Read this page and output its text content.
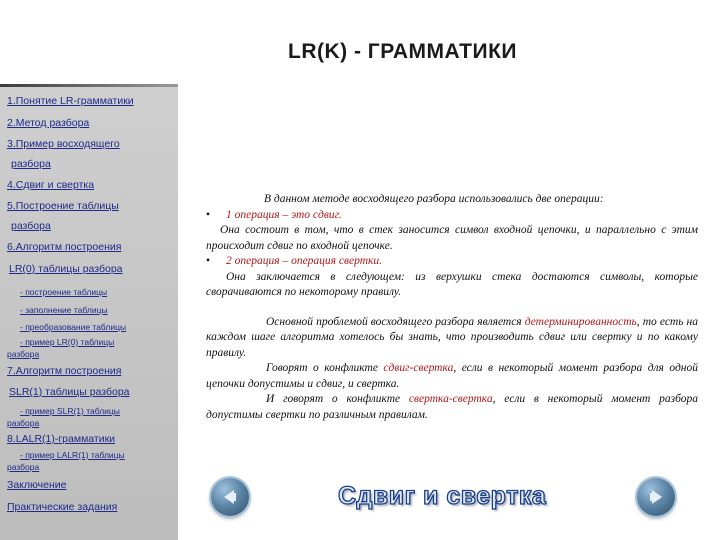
LR(K) - ГРАММАТИКИ
1.Понятие LR-грамматики
2.Метод разбора
3.Пример восходящего
разбора
4.Сдвиг и свертка
5.Построение таблицы
разбора
6.Алгоритм построения
LR(0) таблицы разбора
- построение таблицы
- заполнение таблицы
- преобразование таблицы
- пример LR(0) таблицы
разбора
7.Алгоритм построения
SLR(1) таблицы разбора
- пример SLR(1) таблицы
разбора
8.LALR(1)-грамматики
- пример LALR(1) таблицы
разбора
Заключение
Практические задания

В данном методе восходящего разбора использовались две операции:

•	1 операция – это сдвиг.

Она состоит в том, что в стек заносится символ входной цепочки, и параллельно с этим происходит сдвиг по входной цепочке.

•	2 операция – операция свертки.

Она заключается в следующем: из верхушки стека достаются символы, которые сворачиваются по некоторому правилу.

Основной проблемой восходящего разбора является детерминированность, то есть на каждом шаге алгоритма хотелось бы знать, что производить сдвиг или свертку и по какому правилу.

Говорят о конфликте сдвиг-свертка, если в некоторый момент разбора для одной цепочки допустимы и сдвиг, и свертка.

И говорят о конфликте свертка-свертка, если в некоторый момент разбора допустимы свертки по различным правилам.

Сдвиг и свертка
